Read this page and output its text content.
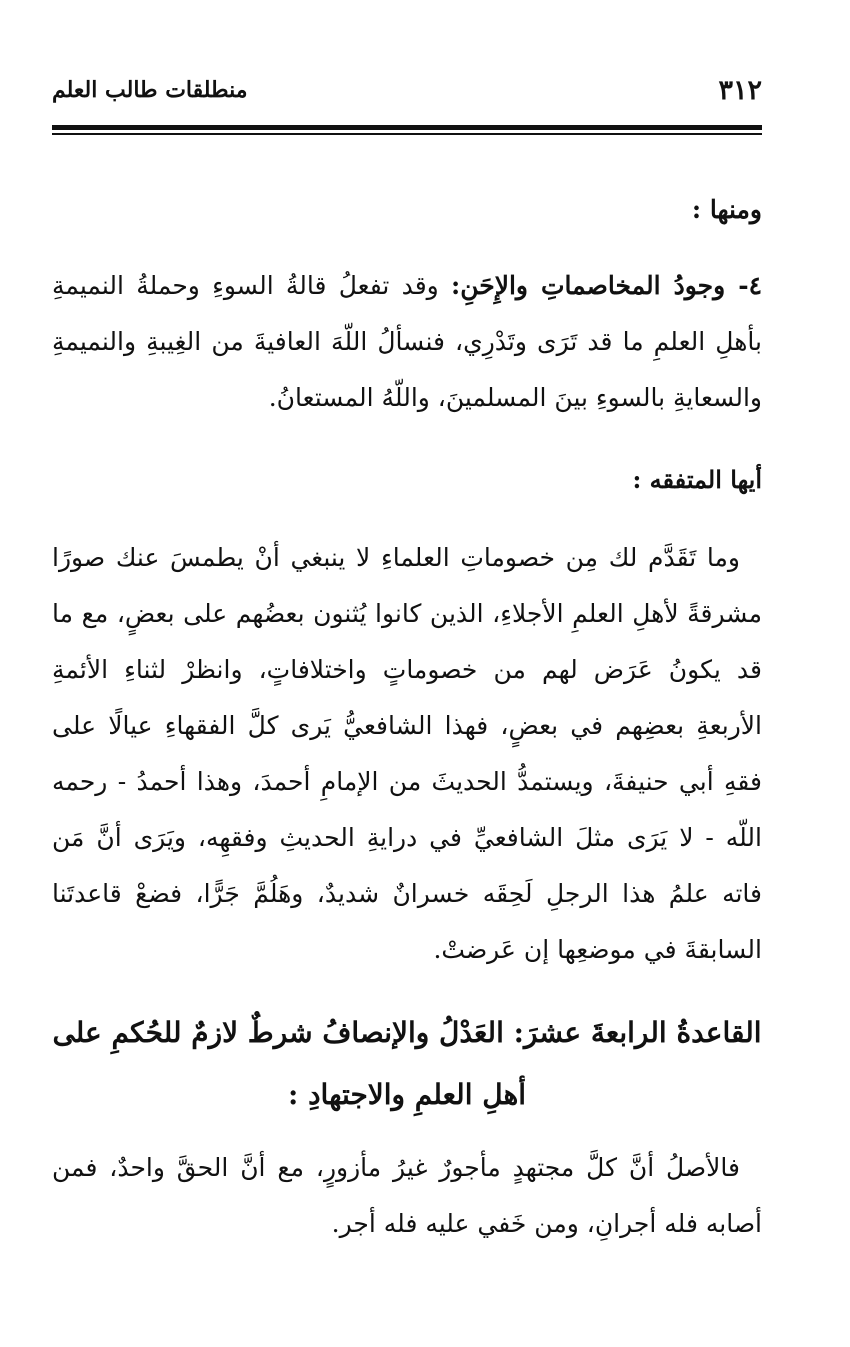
٣١٢
منطلقات طالب العلم

ومنها :

٤- وجودُ المخاصماتِ والإِحَنِ: وقد تفعلُ قالةُ السوءِ وحملةُ النميمةِ بأهلِ العلمِ ما قد تَرَى وتَدْرِي، فنسألُ اللّهَ العافيةَ من الغِيبةِ والنميمةِ والسعايةِ بالسوءِ بينَ المسلمينَ، واللّهُ المستعانُ.

أيها المتفقه :

وما تَقَدَّم لك مِن خصوماتِ العلماءِ لا ينبغي أنْ يطمسَ عنك صورًا مشرقةً لأهلِ العلمِ الأجلاءِ، الذين كانوا يُثنون بعضُهم على بعضٍ، مع ما قد يكونُ عَرَض لهم من خصوماتٍ واختلافاتٍ، وانظرْ لثناءِ الأئمةِ الأربعةِ بعضِهم في بعضٍ، فهذا الشافعيُّ يَرى كلَّ الفقهاءِ عيالًا على فقهِ أبي حنيفةَ، ويستمدُّ الحديثَ من الإمامِ أحمدَ، وهذا أحمدُ - رحمه اللّه - لا يَرَى مثلَ الشافعيِّ في درايةِ الحديثِ وفقهِه، ويَرَى أنَّ مَن فاته علمُ هذا الرجلِ لَحِقَه خسرانٌ شديدٌ، وهَلُمَّ جَرًّا، فضعْ قاعدتَنا السابقةَ في موضعِها إن عَرضتْ.

القاعدةُ الرابعةَ عشرَ: العَدْلُ والإنصافُ شرطٌ لازمٌ للحُكمِ على أهلِ العلمِ والاجتهادِ :

فالأصلُ أنَّ كلَّ مجتهدٍ مأجورٌ غيرُ مأزورٍ، مع أنَّ الحقَّ واحدٌ، فمن أصابه فله أجرانِ، ومن خَفي عليه فله أجر.
